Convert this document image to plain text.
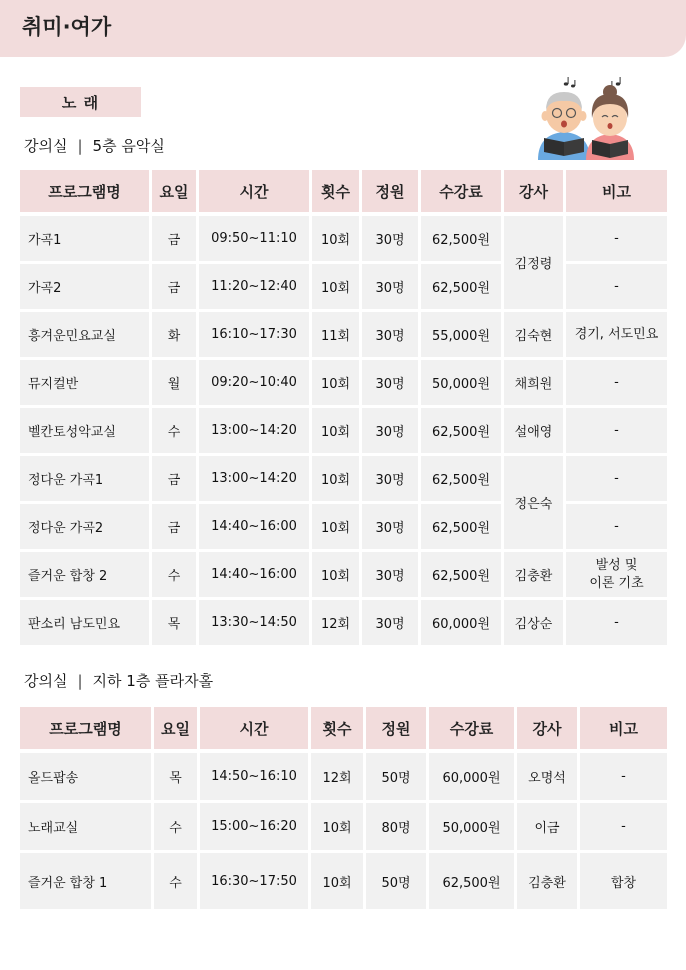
취미·여가
노 래
강의실 | 5층 음악실
프로그램명	요일	시간	횟수	정원	수강료	강사	비고
가곡1	금	09:50~11:10	10회	30명	62,500원	김정령	-
가곡2	금	11:20~12:40	10회	30명	62,500원		-
흥겨운민요교실	화	16:10~17:30	11회	30명	55,000원	김숙현	경기, 서도민요
뮤지컬반	월	09:20~10:40	10회	30명	50,000원	채희원	-
벨칸토성악교실	수	13:00~14:20	10회	30명	62,500원	설애영	-
정다운 가곡1	금	13:00~14:20	10회	30명	62,500원	정은숙	-
정다운 가곡2	금	14:40~16:00	10회	30명	62,500원		-
즐거운 합창 2	수	14:40~16:00	10회	30명	62,500원	김충환	발성 및
이론 기초

판소리 남도민요	목	13:30~14:50	12회	30명	60,000원	김상순	-
강의실 | 지하 1층 플라자홀
프로그램명	요일	시간	횟수	정원	수강료	강사	비고
올드팝송	목	14:50~16:10	12회	50명	60,000원	오명석	-
노래교실	수	15:00~16:20	10회	80명	50,000원	이금	-
즐거운 합창 1	수	16:30~17:50	10회	50명	62,500원	김충환	합창
